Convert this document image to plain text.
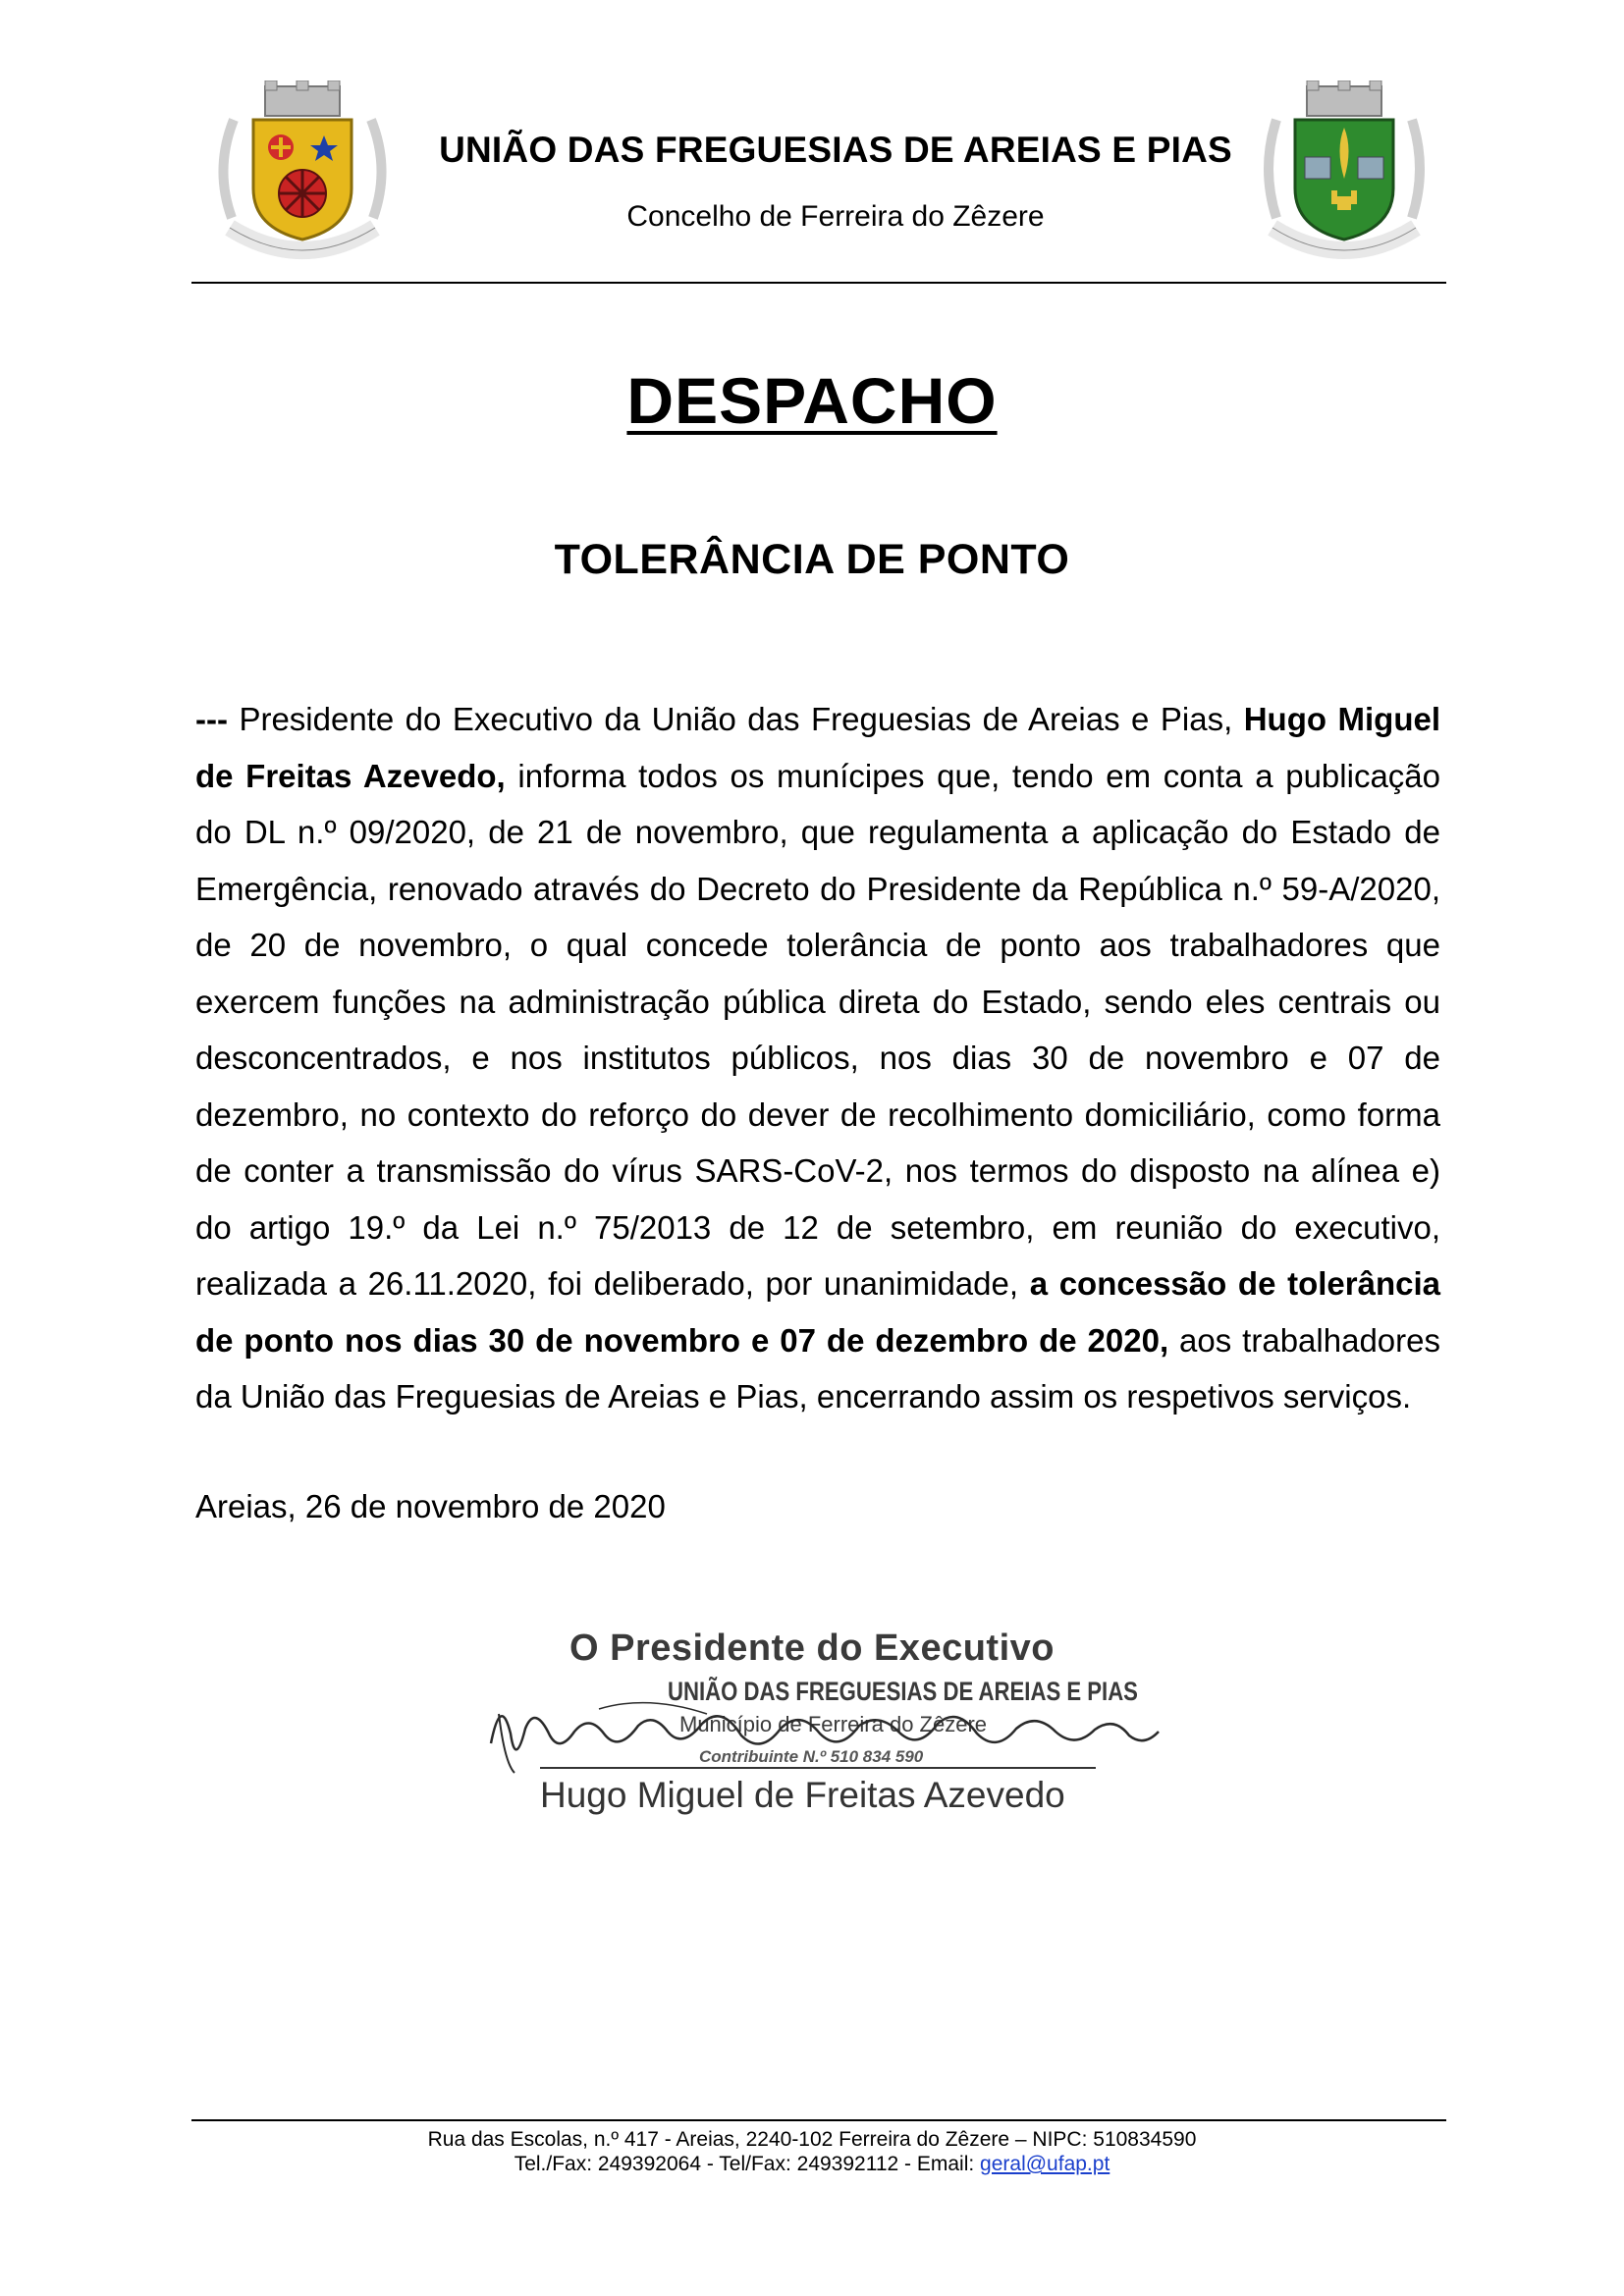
UNIÃO DAS FREGUESIAS DE AREIAS E PIAS
Concelho de Ferreira do Zêzere
DESPACHO
TOLERÂNCIA DE PONTO
--- Presidente do Executivo da União das Freguesias de Areias e Pias, Hugo Miguel de Freitas Azevedo, informa todos os munícipes que, tendo em conta a publicação do DL n.º 09/2020, de 21 de novembro, que regulamenta a aplicação do Estado de Emergência, renovado através do Decreto do Presidente da República n.º 59-A/2020, de 20 de novembro, o qual concede tolerância de ponto aos trabalhadores que exercem funções na administração pública direta do Estado, sendo eles centrais ou desconcentrados, e nos institutos públicos, nos dias 30 de novembro e 07 de dezembro, no contexto do reforço do dever de recolhimento domiciliário, como forma de conter a transmissão do vírus SARS-CoV-2, nos termos do disposto na alínea e) do artigo 19.º da Lei n.º 75/2013 de 12 de setembro, em reunião do executivo, realizada a 26.11.2020, foi deliberado, por unanimidade, a concessão de tolerância de ponto nos dias 30 de novembro e 07 de dezembro de 2020, aos trabalhadores da União das Freguesias de Areias e Pias, encerrando assim os respetivos serviços.
Areias, 26 de novembro de 2020
O Presidente do Executivo
UNIÃO DAS FREGUESIAS DE AREIAS E PIAS
Município de Ferreira do Zêzere
Contribuinte N.º 510 834 590
Hugo Miguel de Freitas Azevedo
Rua das Escolas, n.º 417 - Areias, 2240-102 Ferreira do Zêzere – NIPC: 510834590
Tel./Fax: 249392064 - Tel/Fax: 249392112 - Email: geral@ufap.pt
